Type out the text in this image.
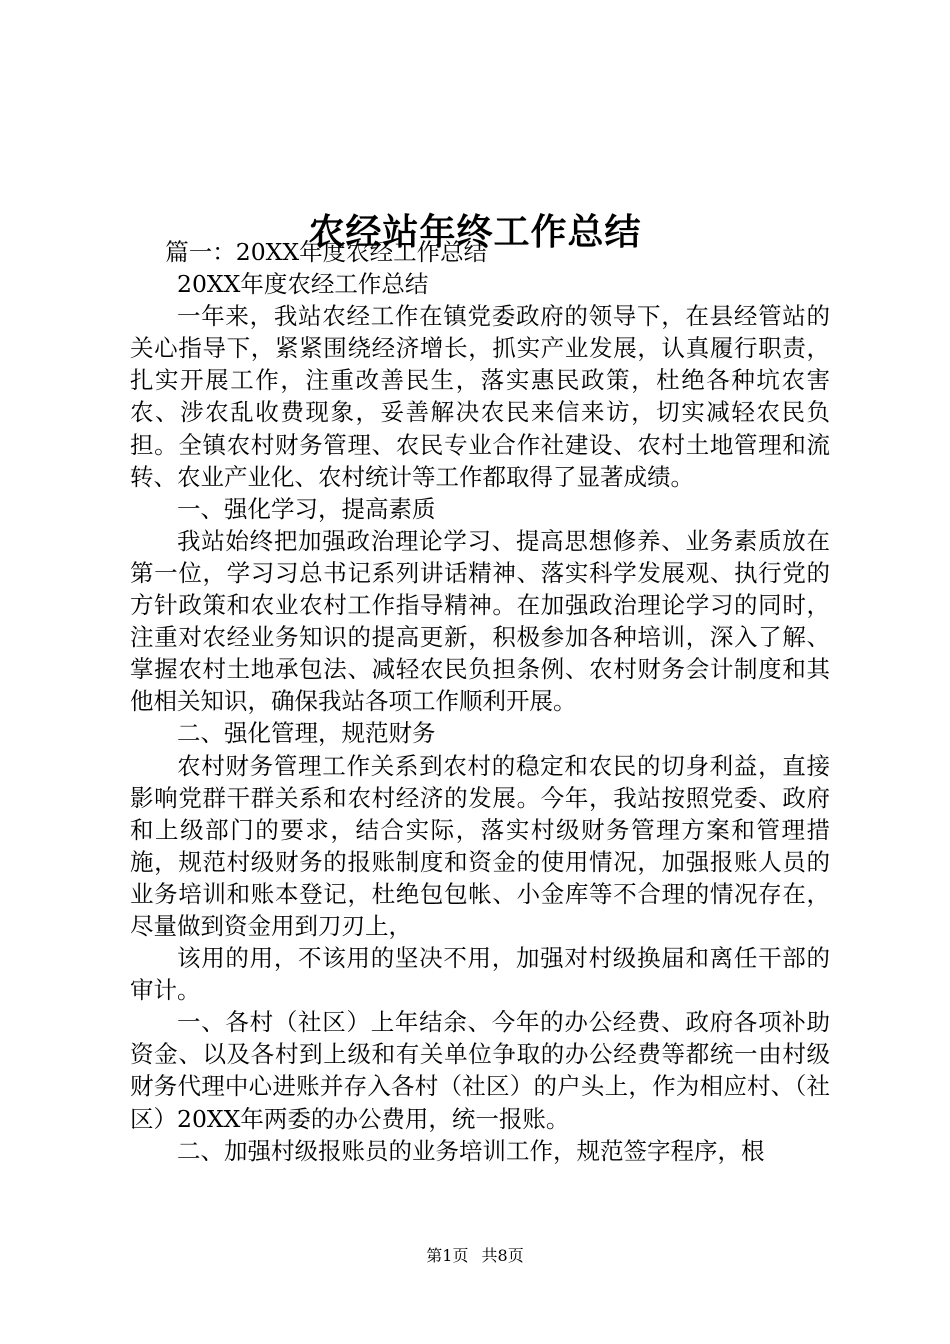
农经站年终工作总结

篇一：20XX年度农经工作总结

20XX年度农经工作总结

一年来，我站农经工作在镇党委政府的领导下，在县经管站的关心指导下，紧紧围绕经济增长，抓实产业发展，认真履行职责，扎实开展工作，注重改善民生，落实惠民政策，杜绝各种坑农害农、涉农乱收费现象，妥善解决农民来信来访，切实减轻农民负担。全镇农村财务管理、农民专业合作社建设、农村土地管理和流转、农业产业化、农村统计等工作都取得了显著成绩。

一、强化学习，提高素质

我站始终把加强政治理论学习、提高思想修养、业务素质放在第一位，学习习总书记系列讲话精神、落实科学发展观、执行党的方针政策和农业农村工作指导精神。在加强政治理论学习的同时，注重对农经业务知识的提高更新，积极参加各种培训，深入了解、掌握农村土地承包法、减轻农民负担条例、农村财务会计制度和其他相关知识，确保我站各项工作顺利开展。

二、强化管理，规范财务

农村财务管理工作关系到农村的稳定和农民的切身利益，直接影响党群干群关系和农村经济的发展。今年，我站按照党委、政府和上级部门的要求，结合实际，落实村级财务管理方案和管理措施，规范村级财务的报账制度和资金的使用情况，加强报账人员的业务培训和账本登记，杜绝包包帐、小金库等不合理的情况存在，尽量做到资金用到刀刃上，

该用的用，不该用的坚决不用，加强对村级换届和离任干部的审计。

一、各村（社区）上年结余、今年的办公经费、政府各项补助资金、以及各村到上级和有关单位争取的办公经费等都统一由村级财务代理中心进账并存入各村（社区）的户头上，作为相应村、（社区）20XX年两委的办公费用，统一报账。

二、加强村级报账员的业务培训工作，规范签字程序，根

第1页 共8页
